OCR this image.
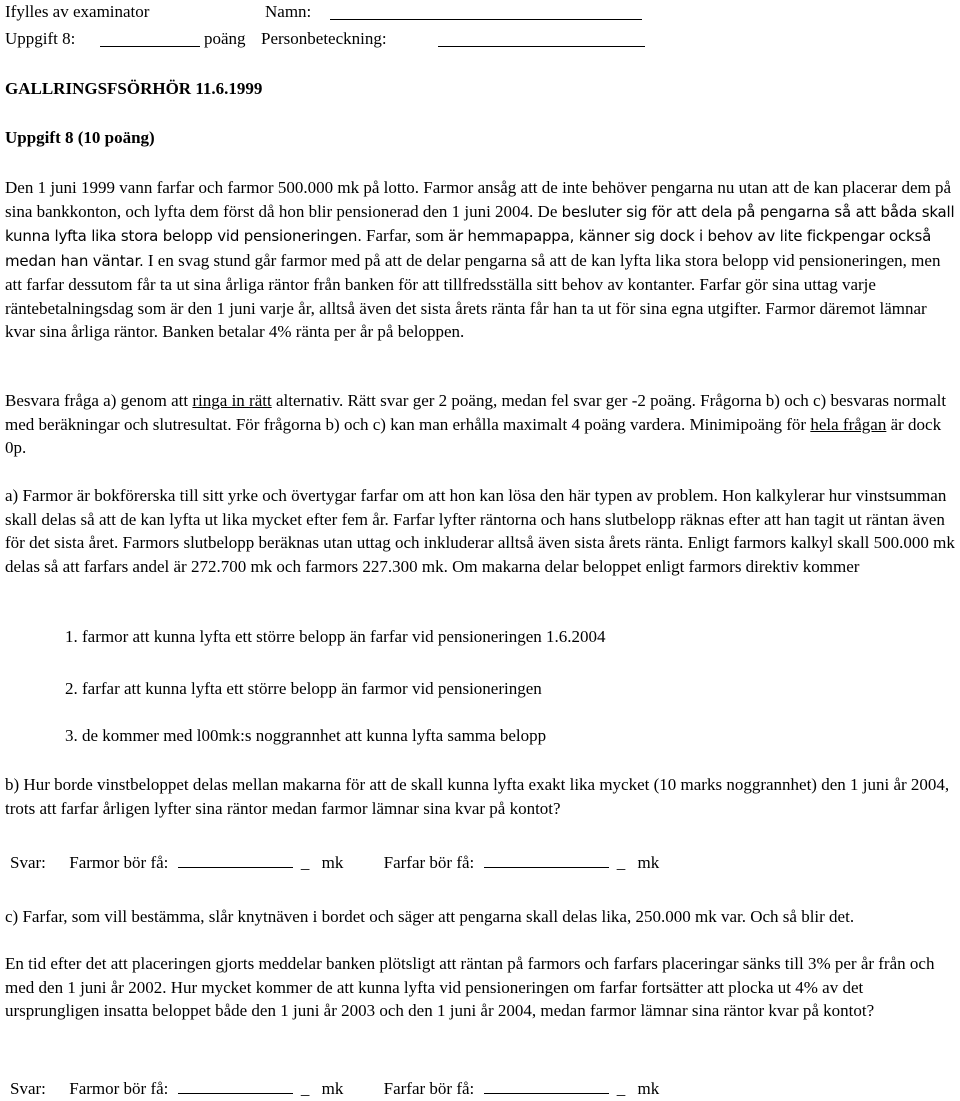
Ifylles av examinator	Namn:
Uppgift 8:	poäng Personbeteckning:
GALLRINGSFSÖRHÖR 11.6.1999
Uppgift 8 (10 poäng)

Den 1 juni 1999 vann farfar och farmor 500.000 mk på lotto. Farmor ansåg att de inte behöver pengarna nu utan att de kan placerar dem på sina bankkonton, och lyfta dem först då hon blir pensionerad den 1 juni 2004. De besluter sig för att dela på pengarna så att båda skall kunna lyfta lika stora belopp vid pensioneringen. Farfar, som är hemmapappa, känner sig dock i behov av lite fickpengar också medan han väntar. I en svag stund går farmor med på att de delar pengarna så att de kan lyfta lika stora belopp vid pensioneringen, men att farfar dessutom får ta ut sina årliga räntor från banken för att tillfredsställa sitt behov av kontanter. Farfar gör sina uttag varje räntebetalningsdag som är den 1 juni varje år, alltså även det sista årets ränta får han ta ut för sina egna utgifter. Farmor däremot lämnar kvar sina årliga räntor. Banken betalar 4% ränta per år på beloppen.

Besvara fråga a) genom att ringa in rätt alternativ. Rätt svar ger 2 poäng, medan fel svar ger -2 poäng. Frågorna b) och c) besvaras normalt med beräkningar och slutresultat. För frågorna b) och c) kan man erhålla maximalt 4 poäng vardera. Minimipoäng för hela frågan är dock 0p.

a) Farmor är bokförerska till sitt yrke och övertygar farfar om att hon kan lösa den här typen av problem. Hon kalkylerar hur vinstsumman skall delas så att de kan lyfta ut lika mycket efter fem år. Farfar lyfter räntorna och hans slutbelopp räknas efter att han tagit ut räntan även för det sista året. Farmors slutbelopp beräknas utan uttag och inkluderar alltså även sista årets ränta. Enligt farmors kalkyl skall 500.000 mk delas så att farfars andel är 272.700 mk och farmors 227.300 mk. Om makarna delar beloppet enligt farmors direktiv kommer

1. farmor att kunna lyfta ett större belopp än farfar vid pensioneringen 1.6.2004
2. farfar att kunna lyfta ett större belopp än farmor vid pensioneringen
3. de kommer med l00mk:s noggrannhet att kunna lyfta samma belopp

b) Hur borde vinstbeloppet delas mellan makarna för att de skall kunna lyfta exakt lika mycket (10 marks noggrannhet) den 1 juni år 2004, trots att farfar årligen lyfter sina räntor medan farmor lämnar sina kvar på kontot?

Svar: Farmor bör få:	_ mk Farfar bör få:	_ mk

c) Farfar, som vill bestämma, slår knytnäven i bordet och säger att pengarna skall delas lika, 250.000 mk var. Och så blir det.

En tid efter det att placeringen gjorts meddelar banken plötsligt att räntan på farmors och farfars placeringar sänks till 3% per år från och med den 1 juni år 2002. Hur mycket kommer de att kunna lyfta vid pensioneringen om farfar fortsätter att plocka ut 4% av det ursprungligen insatta beloppet både den 1 juni år 2003 och den 1 juni år 2004, medan farmor lämnar sina räntor kvar på kontot?

Svar: Farmor bör få:	_ mk Farfar bör få:	_ mk
